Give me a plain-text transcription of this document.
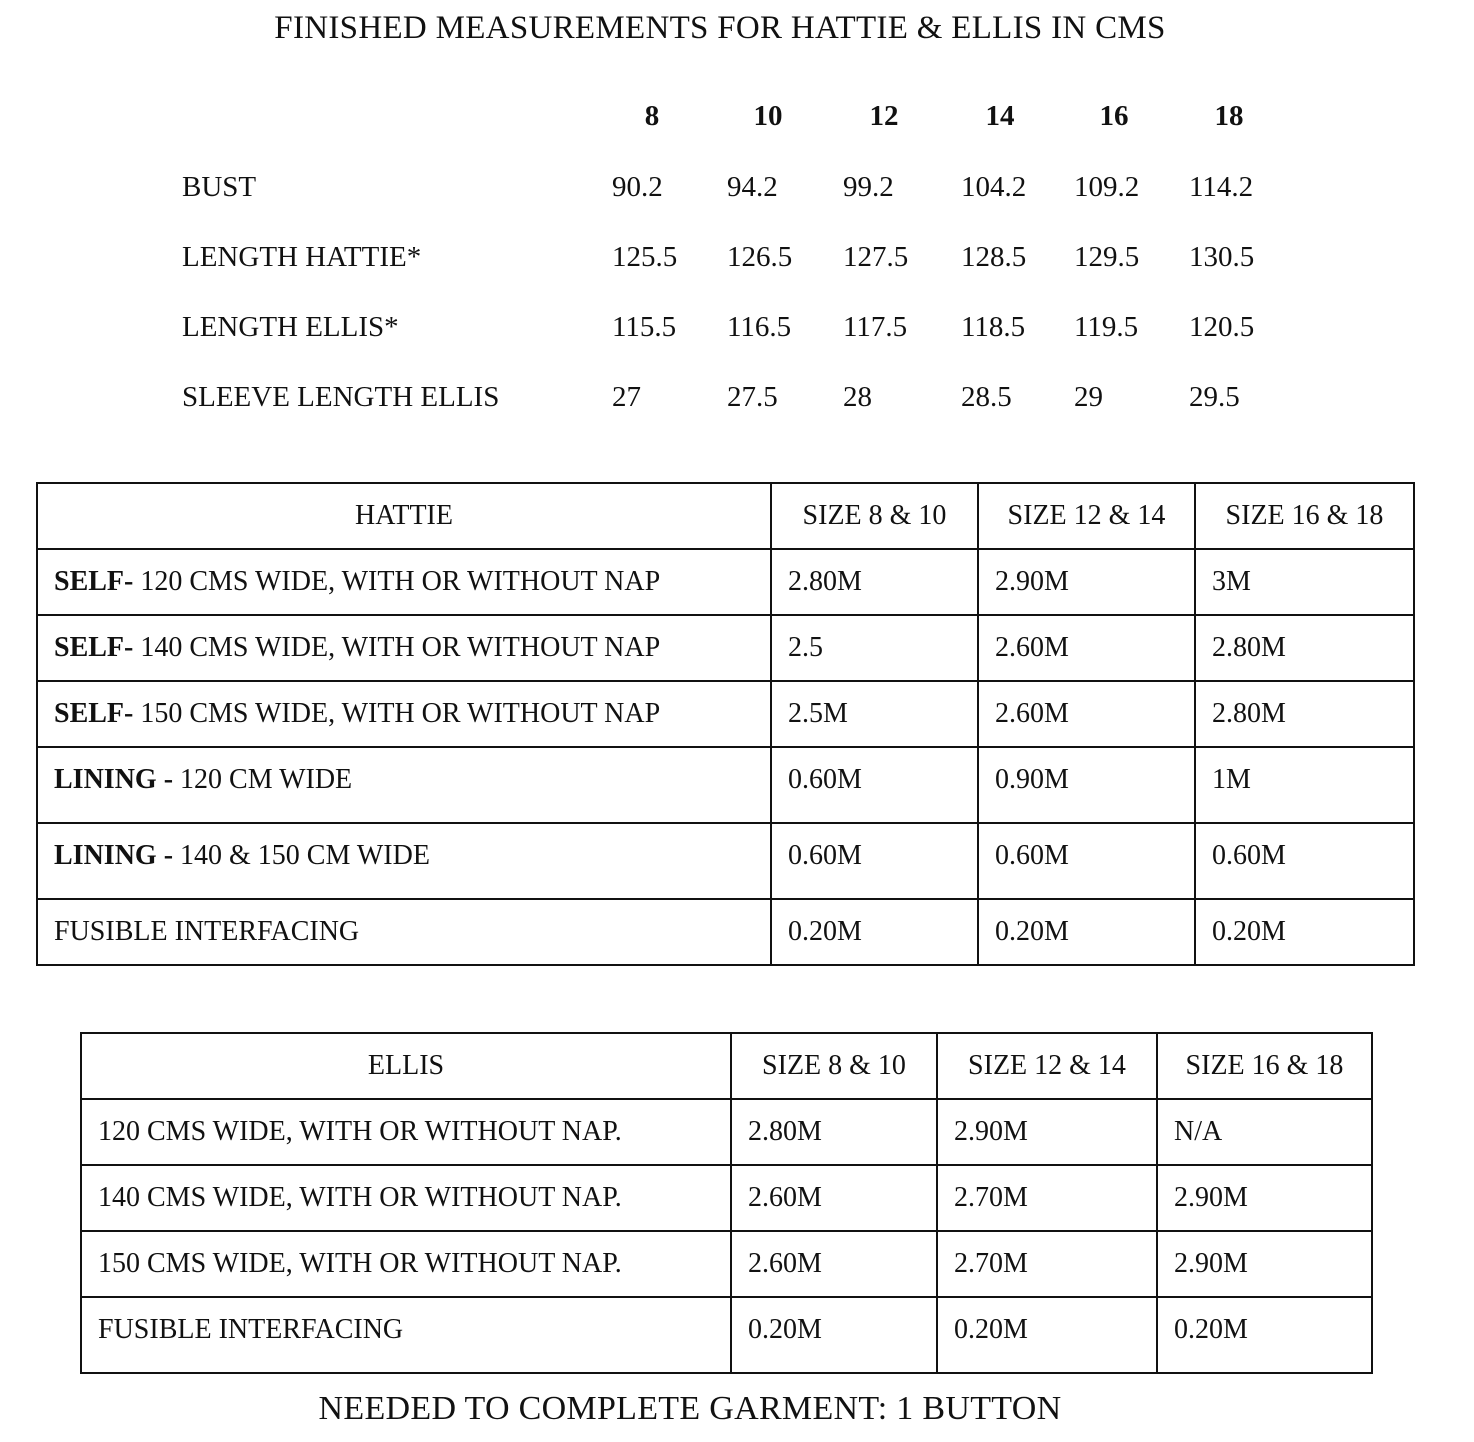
FINISHED MEASUREMENTS FOR HATTIE & ELLIS IN CMS
8	10	12	14	16	18
BUST	90.2 94.2 99.2 104.2 109.2 114.2
LENGTH HATTIE*	125.5 126.5 127.5 128.5 129.5 130.5
LENGTH ELLIS*	115.5 116.5 117.5 118.5 119.5 120.5
SLEEVE LENGTH ELLIS	27	27.5 28	28.5 29	29.5
HATTIE	SIZE 8 & 10	SIZE 12 & 14	SIZE 16 & 18
SELF- 120 CMS WIDE, WITH OR WITHOUT NAP	2.80M	2.90M	3M
SELF- 140 CMS WIDE, WITH OR WITHOUT NAP	2.5	2.60M	2.80M
SELF- 150 CMS WIDE, WITH OR WITHOUT NAP	2.5M	2.60M	2.80M
LINING - 120 CM WIDE	0.60M	0.90M	1M
LINING - 140 & 150 CM WIDE	0.60M	0.60M	0.60M
FUSIBLE INTERFACING	0.20M	0.20M	0.20M
ELLIS	SIZE 8 & 10	SIZE 12 & 14	SIZE 16 & 18
120 CMS WIDE, WITH OR WITHOUT NAP.	2.80M	2.90M	N/A
140 CMS WIDE, WITH OR WITHOUT NAP.	2.60M	2.70M	2.90M
150 CMS WIDE, WITH OR WITHOUT NAP.	2.60M	2.70M	2.90M
FUSIBLE INTERFACING	0.20M	0.20M	0.20M
NEEDED TO COMPLETE GARMENT: 1 BUTTON
